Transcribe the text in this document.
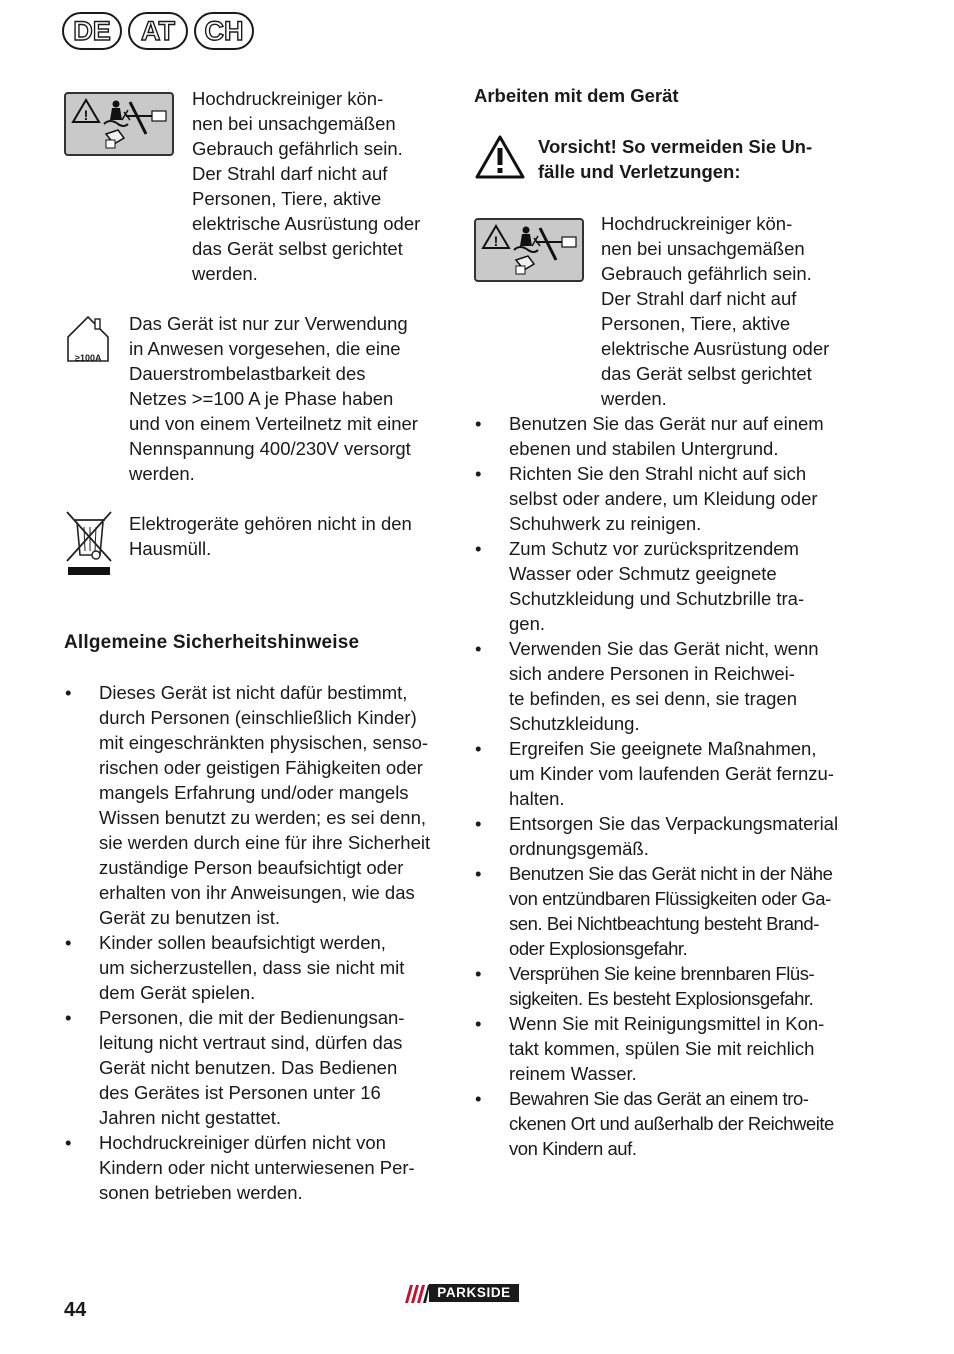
DE	AT	CH
!
Hochdruckreiniger kön-
nen bei unsachgemäßen
Gebrauch gefährlich sein.
Der Strahl darf nicht auf
Personen, Tiere, aktive
elektrische Ausrüstung oder
das Gerät selbst gerichtet
werden.
≥100A
Das Gerät ist nur zur Verwendung
in Anwesen vorgesehen, die eine
Dauerstrombelastbarkeit des
Netzes >=100 A je Phase haben
und von einem Verteilnetz mit einer
Nennspannung 400/230V versorgt
werden.
Elektrogeräte gehören nicht in den
Hausmüll.
Allgemeine Sicherheitshinweise
• Dieses Gerät ist nicht dafür bestimmt,
durch Personen (einschließlich Kinder)
mit eingeschränkten physischen, senso-
rischen oder geistigen Fähigkeiten oder
mangels Erfahrung und/oder mangels
Wissen benutzt zu werden; es sei denn,
sie werden durch eine für ihre Sicherheit
zuständige Person beaufsichtigt oder
erhalten von ihr Anweisungen, wie das
Gerät zu benutzen ist.
• Kinder sollen beaufsichtigt werden,
um sicherzustellen, dass sie nicht mit
dem Gerät spielen.
• Personen, die mit der Bedienungsan-
leitung nicht vertraut sind, dürfen das
Gerät nicht benutzen. Das Bedienen
des Gerätes ist Personen unter 16
Jahren nicht gestattet.
• Hochdruckreiniger dürfen nicht von
Kindern oder nicht unterwiesenen Per-
sonen betrieben werden.
Arbeiten mit dem Gerät
Vorsicht! So vermeiden Sie Un-
fälle und Verletzungen:
!
Hochdruckreiniger kön-
nen bei unsachgemäßen
Gebrauch gefährlich sein.
Der Strahl darf nicht auf
Personen, Tiere, aktive
elektrische Ausrüstung oder
das Gerät selbst gerichtet
werden.
• Benutzen Sie das Gerät nur auf einem
ebenen und stabilen Untergrund.
• Richten Sie den Strahl nicht auf sich
selbst oder andere, um Kleidung oder
Schuhwerk zu reinigen.
• Zum Schutz vor zurückspritzendem
Wasser oder Schmutz geeignete
Schutzkleidung und Schutzbrille tra-
gen.
• Verwenden Sie das Gerät nicht, wenn
sich andere Personen in Reichwei-
te befinden, es sei denn, sie tragen
Schutzkleidung.
• Ergreifen Sie geeignete Maßnahmen,
um Kinder vom laufenden Gerät fernzu-
halten.
• Entsorgen Sie das Verpackungsmaterial
ordnungsgemäß.
• Benutzen Sie das Gerät nicht in der Nähe
von entzündbaren Flüssigkeiten oder Ga-
sen. Bei Nichtbeachtung besteht Brand-
oder Explosionsgefahr.
• Versprühen Sie keine brennbaren Flüs-
sigkeiten. Es besteht Explosionsgefahr.
• Wenn Sie mit Reinigungsmittel in Kon-
takt kommen, spülen Sie mit reichlich
reinem Wasser.
• Bewahren Sie das Gerät an einem tro-
ckenen Ort und außerhalb der Reichweite
von Kindern auf.
44
PARKSIDE
